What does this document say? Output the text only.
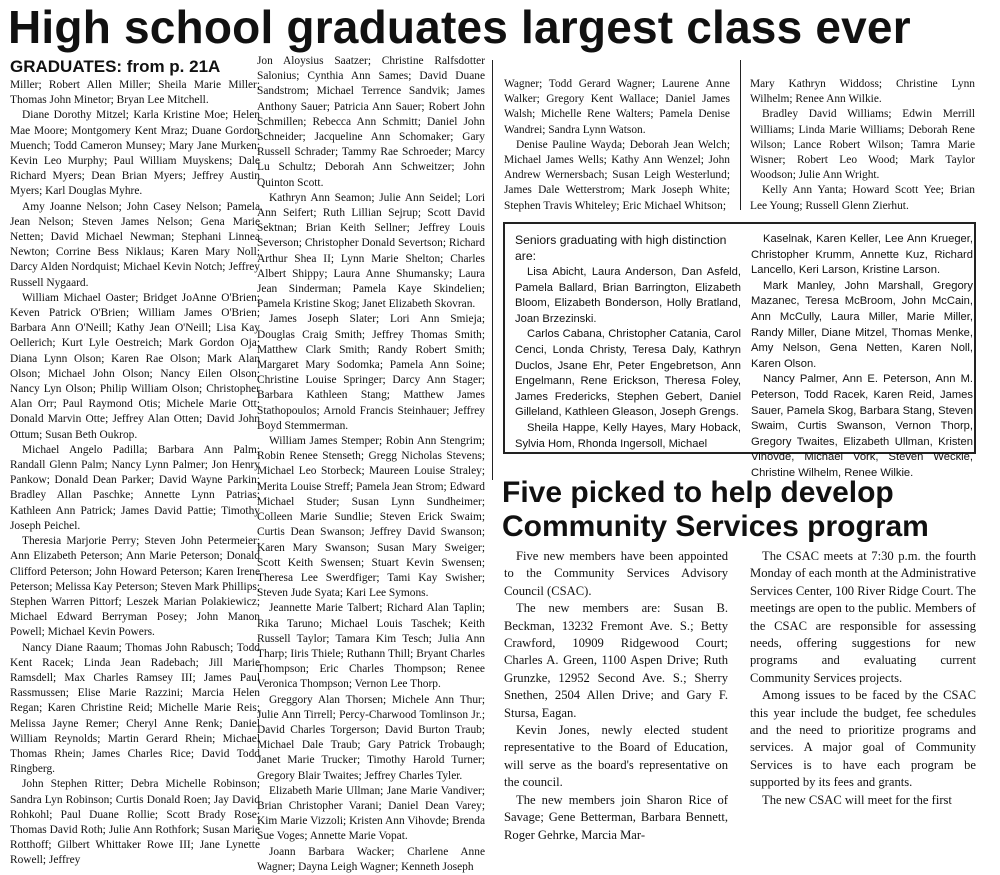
High school graduates largest class ever
GRADUATES: from p. 21A

Miller; Robert Allen Miller; Sheila Marie Miller; Thomas John Minetor; Bryan Lee Mitchell.

Diane Dorothy Mitzel; Karla Kristine Moe; Helen Mae Moore; Montgomery Kent Mraz; Duane Gordon Muench; Todd Cameron Munsey; Mary Jane Murken; Kevin Leo Murphy; Paul William Muyskens; Dale Richard Myers; Dean Brian Myers; Jeffrey Austin Myers; Karl Douglas Myhre.

Amy Joanne Nelson; John Casey Nelson; Pamela Jean Nelson; Steven James Nelson; Gena Marie Netten; David Michael Newman; Stephani Linnea Newton; Corrine Bess Niklaus; Karen Mary Noll; Darcy Alden Nordquist; Michael Kevin Notch; Jeffrey Russell Nygaard.

William Michael Oaster; Bridget JoAnne O'Brien; Keven Patrick O'Brien; William James O'Brien; Barbara Ann O'Neill; Kathy Jean O'Neill; Lisa Kay Oellerich; Kurt Lyle Oestreich; Mark Gordon Oja; Diana Lynn Olson; Karen Rae Olson; Mark Alan Olson; Michael John Olson; Nancy Eilen Olson; Nancy Lyn Olson; Philip William Olson; Christopher Alan Orr; Paul Raymond Otis; Michele Marie Ott; Donald Marvin Otte; Jeffrey Alan Otten; David John Ottum; Susan Beth Oukrop.

Michael Angelo Padilla; Barbara Ann Palm; Randall Glenn Palm; Nancy Lynn Palmer; Jon Henry Pankow; Donald Dean Parker; David Wayne Parkin; Bradley Allan Paschke; Annette Lynn Patrias; Kathleen Ann Patrick; James David Pattie; Timothy Joseph Peichel.

Theresia Marjorie Perry; Steven John Petermeier; Ann Elizabeth Peterson; Ann Marie Peterson; Donald Clifford Peterson; John Howard Peterson; Karen Irene Peterson; Melissa Kay Peterson; Steven Mark Phillips; Stephen Warren Pittorf; Leszek Marian Polakiewicz; Michael Edward Berryman Posey; John Manon Powell; Michael Kevin Powers.

Nancy Diane Raaum; Thomas John Rabusch; Todd Kent Racek; Linda Jean Radebach; Jill Marie Ramsdell; Max Charles Ramsey III; James Paul Rassmussen; Elise Marie Razzini; Marcia Helen Regan; Karen Christine Reid; Michelle Marie Reis; Melissa Jayne Remer; Cheryl Anne Renk; Daniel William Reynolds; Martin Gerard Rhein; Michael Thomas Rhein; James Charles Rice; David Todd Ringberg.

John Stephen Ritter; Debra Michelle Robinson; Sandra Lyn Robinson; Curtis Donald Roen; Jay David Rohkohl; Paul Duane Rollie; Scott Brady Rose; Thomas David Roth; Julie Ann Rothfork; Susan Marie Rotthoff; Gilbert Whittaker Rowe III; Jane Lynette Rowell; Jeffrey

Jon Aloysius Saatzer; Christine Ralfsdotter Salonius; Cynthia Ann Sames; David Duane Sandstrom; Michael Terrence Sandvik; James Anthony Sauer; Patricia Ann Sauer; Robert John Schmillen; Rebecca Ann Schmitt; Daniel John Schneider; Jacqueline Ann Schomaker; Gary Russell Schrader; Tammy Rae Schroeder; Marcy Lu Schultz; Deborah Ann Schweitzer; John Quinton Scott.

Kathryn Ann Seamon; Julie Ann Seidel; Lori Ann Seifert; Ruth Lillian Sejrup; Scott David Sektnan; Brian Keith Sellner; Jeffrey Louis Severson; Christopher Donald Severtson; Richard Arthur Shea II; Lynn Marie Shelton; Charles Albert Shippy; Laura Anne Shumansky; Laura Jean Sinderman; Pamela Kaye Skindelien; Pamela Kristine Skog; Janet Elizabeth Skovran.

James Joseph Slater; Lori Ann Smieja; Douglas Craig Smith; Jeffrey Thomas Smith; Matthew Clark Smith; Randy Robert Smith; Margaret Mary Sodomka; Pamela Ann Soine; Christine Louise Springer; Darcy Ann Stager; Barbara Kathleen Stang; Matthew James Stathopoulos; Arnold Francis Steinhauer; Jeffrey Boyd Stemmerman.

William James Stemper; Robin Ann Stengrim; Robin Renee Stenseth; Gregg Nicholas Stevens; Michael Leo Storbeck; Maureen Louise Straley; Merita Louise Streff; Pamela Jean Strom; Edward Michael Studer; Susan Lynn Sundheimer; Colleen Marie Sundlie; Steven Erick Swaim; Curtis Dean Swanson; Jeffrey David Swanson; Karen Mary Swanson; Susan Mary Sweiger; Scott Keith Swensen; Stuart Kevin Swensen; Theresa Lee Swerdfiger; Tami Kay Swisher; Steven Jude Syata; Kari Lee Symons.

Jeannette Marie Talbert; Richard Alan Taplin; Rika Taruno; Michael Louis Taschek; Keith Russell Taylor; Tamara Kim Tesch; Julia Ann Tharp; Iiris Thiele; Ruthann Thill; Bryant Charles Thompson; Eric Charles Thompson; Renee Veronica Thompson; Vernon Lee Thorp.

Greggory Alan Thorsen; Michele Ann Thur; Julie Ann Tirrell; Percy-Charwood Tomlinson Jr.; David Charles Torgerson; David Burton Traub; Michael Dale Traub; Gary Patrick Trobaugh; Janet Marie Trucker; Timothy Harold Turner; Gregory Blair Twaites; Jeffrey Charles Tyler.

Elizabeth Marie Ullman; Jane Marie Vandiver; Brian Christopher Varani; Daniel Dean Varey; Kim Marie Vizzoli; Kristen Ann Vihovde; Brenda Sue Voges; Annette Marie Vopat.

Joann Barbara Wacker; Charlene Anne Wagner; Dayna Leigh Wagner; Kenneth Joseph

Wagner; Todd Gerard Wagner; Laurene Anne Walker; Gregory Kent Wallace; Daniel James Walsh; Michelle Rene Walters; Pamela Denise Wandrei; Sandra Lynn Watson.

Denise Pauline Wayda; Deborah Jean Welch; Michael James Wells; Kathy Ann Wenzel; John Andrew Wernersbach; Susan Leigh Westerlund; James Dale Wetterstrom; Mark Joseph White; Stephen Travis Whiteley; Eric Michael Whitson;

Mary Kathryn Widdoss; Christine Lynn Wilhelm; Renee Ann Wilkie.

Bradley David Williams; Edwin Merrill Williams; Linda Marie Williams; Deborah Rene Wilson; Lance Robert Wilson; Tamra Marie Wisner; Robert Leo Wood; Mark Taylor Woodson; Julie Ann Wright.

Kelly Ann Yanta; Howard Scott Yee; Brian Lee Young; Russell Glenn Zierhut.

Seniors graduating with high distinction are:

Lisa Abicht, Laura Anderson, Dan Asfeld, Pamela Ballard, Brian Barrington, Elizabeth Bloom, Elizabeth Bonderson, Holly Bratland, Joan Brzezinski.

Carlos Cabana, Christopher Catania, Carol Cenci, Londa Christy, Teresa Daly, Kathryn Duclos, Jsane Ehr, Peter Engebretson, Ann Engelmann, Rene Erickson, Theresa Foley, James Fredericks, Stephen Gebert, Daniel Gilleland, Kathleen Gleason, Joseph Grengs.

Sheila Happe, Kelly Hayes, Mary Hoback, Sylvia Hom, Rhonda Ingersoll, Michael

Kaselnak, Karen Keller, Lee Ann Krueger, Christopher Krumm, Annette Kuz, Richard Lancello, Keri Larson, Kristine Larson.

Mark Manley, John Marshall, Gregory Mazanec, Teresa McBroom, John McCain, Ann McCully, Laura Miller, Marie Miller, Randy Miller, Diane Mitzel, Thomas Menke, Amy Nelson, Gena Netten, Karen Noll, Karen Olson.

Nancy Palmer, Ann E. Peterson, Ann M. Peterson, Todd Racek, Karen Reid, James Sauer, Pamela Skog, Barbara Stang, Steven Swaim, Curtis Swanson, Vernon Thorp, Gregory Twaites, Elizabeth Ullman, Kristen Vihovde, Michael Vork, Steven Weckle, Christine Wilhelm, Renee Wilkie.

Five picked to help develop
Community Services program

Five new members have been appointed to the Community Services Advisory Council (CSAC).

The new members are: Susan B. Beckman, 13232 Fremont Ave. S.; Betty Crawford, 10909 Ridgewood Court; Charles A. Green, 1100 Aspen Drive; Ruth Grunzke, 12952 Second Ave. S.; Sherry Snethen, 2504 Allen Drive; and Gary F. Stursa, Eagan.

Kevin Jones, newly elected student representative to the Board of Education, will serve as the board's representative on the council.

The new members join Sharon Rice of Savage; Gene Betterman, Barbara Bennett, Roger Gehrke, Marcia Mar-

The CSAC meets at 7:30 p.m. the fourth Monday of each month at the Administrative Services Center, 100 River Ridge Court. The meetings are open to the public. Members of the CSAC are responsible for assessing needs, offering suggestions for new programs and evaluating current Community Services projects.

Among issues to be faced by the CSAC this year include the budget, fee schedules and the need to prioritize programs and services. A major goal of Community Services is to have each program be supported by its fees and grants.

The new CSAC will meet for the first
